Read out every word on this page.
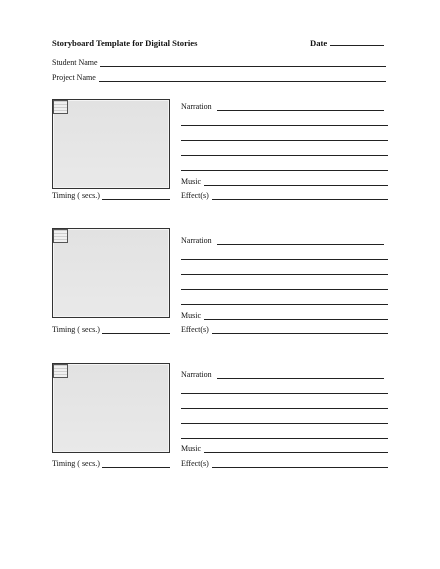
Storyboard Template for Digital Stories	Date
Student Name
Project Name
Timing ( secs.)
Narration
Music
Effect(s)
Timing ( secs.)
Narration
Music
Effect(s)
Timing ( secs.)
Narration
Music
Effect(s)
